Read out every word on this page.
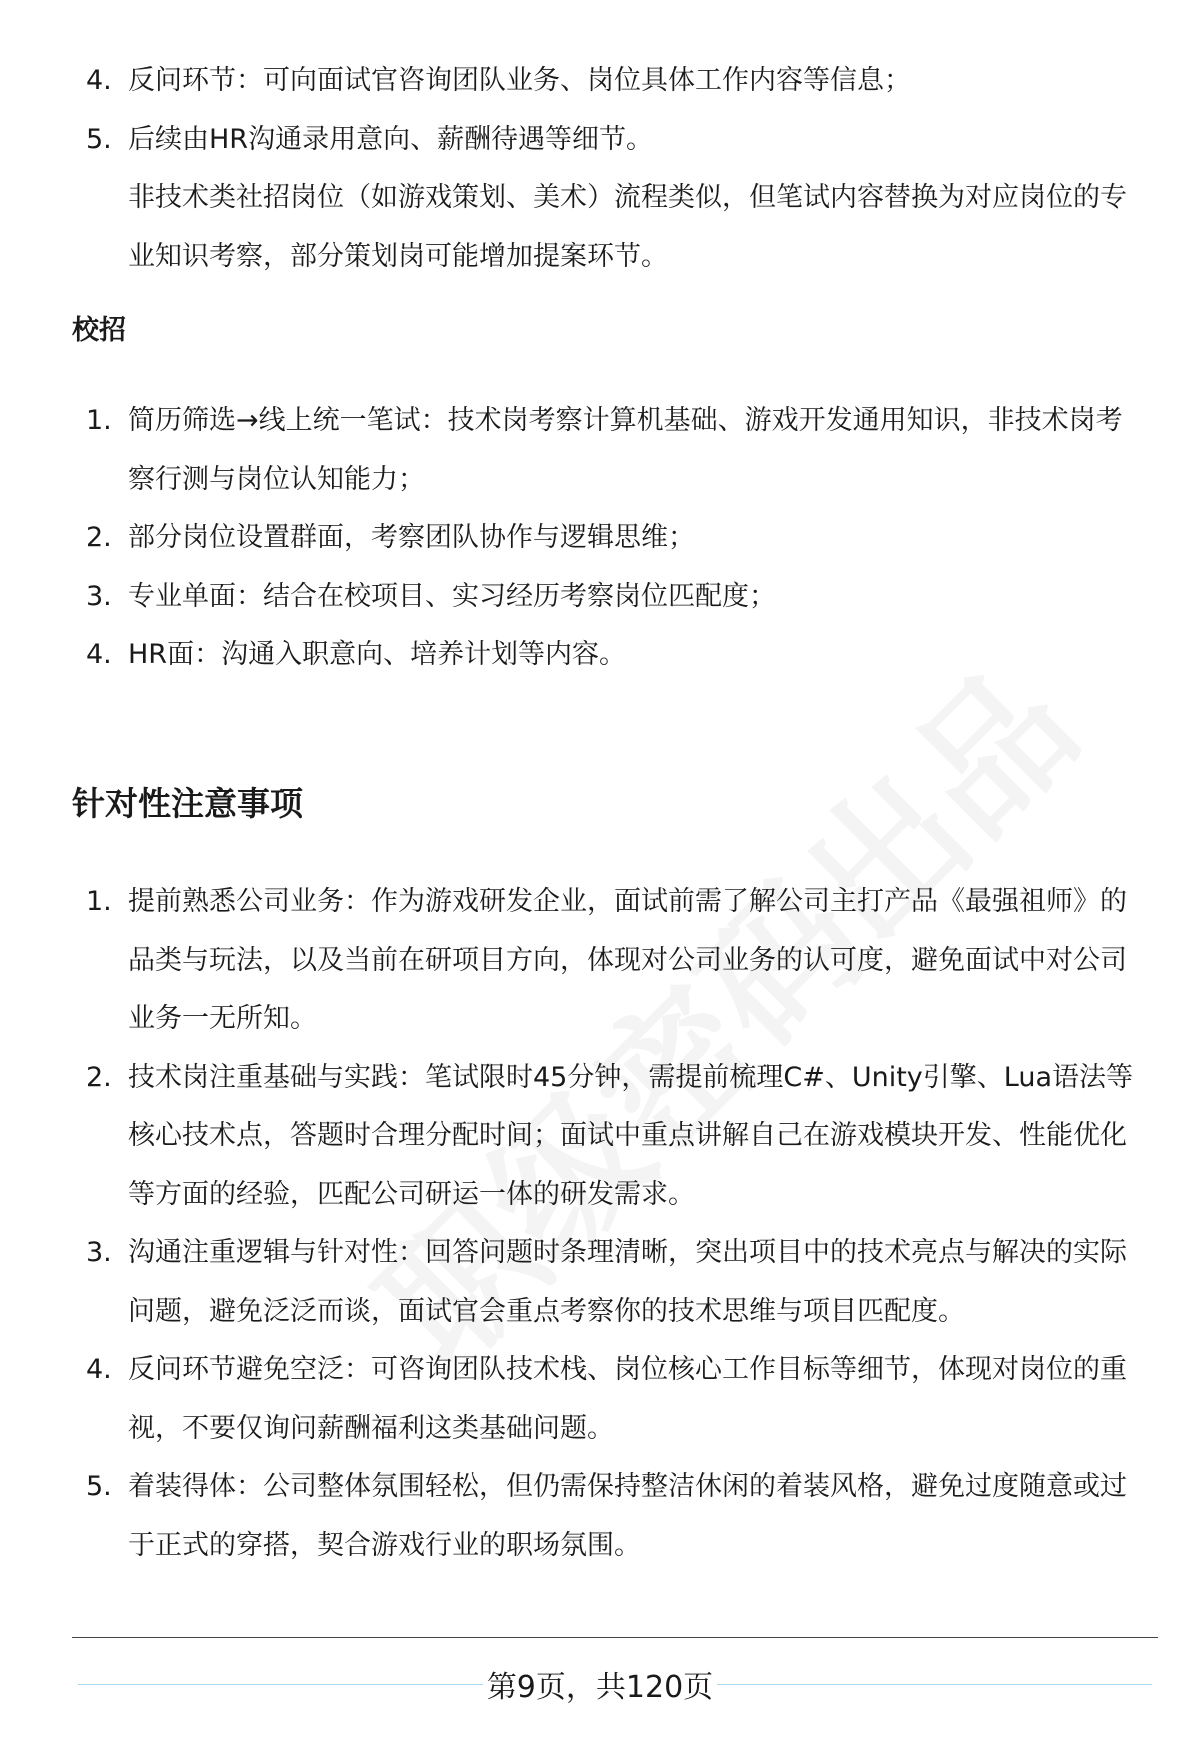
4. 反问环节：可向面试官咨询团队业务、岗位具体工作内容等信息；
5. 后续由HR沟通录用意向、薪酬待遇等细节。

非技术类社招岗位（如游戏策划、美术）流程类似，但笔试内容替换为对应岗位的专业知识考察，部分策划岗可能增加提案环节。

校招
1. 简历筛选→线上统一笔试：技术岗考察计算机基础、游戏开发通用知识，非技术岗考察行测与岗位认知能力；
2. 部分岗位设置群面，考察团队协作与逻辑思维；
3. 专业单面：结合在校项目、实习经历考察岗位匹配度；
4. HR面：沟通入职意向、培养计划等内容。
针对性注意事项
1. 提前熟悉公司业务：作为游戏研发企业，面试前需了解公司主打产品《最强祖师》的品类与玩法，以及当前在研项目方向，体现对公司业务的认可度，避免面试中对公司业务一无所知。
2. 技术岗注重基础与实践：笔试限时45分钟，需提前梳理C#、Unity引擎、Lua语法等核心技术点，答题时合理分配时间；面试中重点讲解自己在游戏模块开发、性能优化等方面的经验，匹配公司研运一体的研发需求。
3. 沟通注重逻辑与针对性：回答问题时条理清晰，突出项目中的技术亮点与解决的实际问题，避免泛泛而谈，面试官会重点考察你的技术思维与项目匹配度。
4. 反问环节避免空泛：可咨询团队技术栈、岗位核心工作目标等细节，体现对岗位的重视，不要仅询问薪酬福利这类基础问题。
5. 着装得体：公司整体氛围轻松，但仍需保持整洁休闲的着装风格，避免过度随意或过于正式的穿搭，契合游戏行业的职场氛围。
第9页，共120页
